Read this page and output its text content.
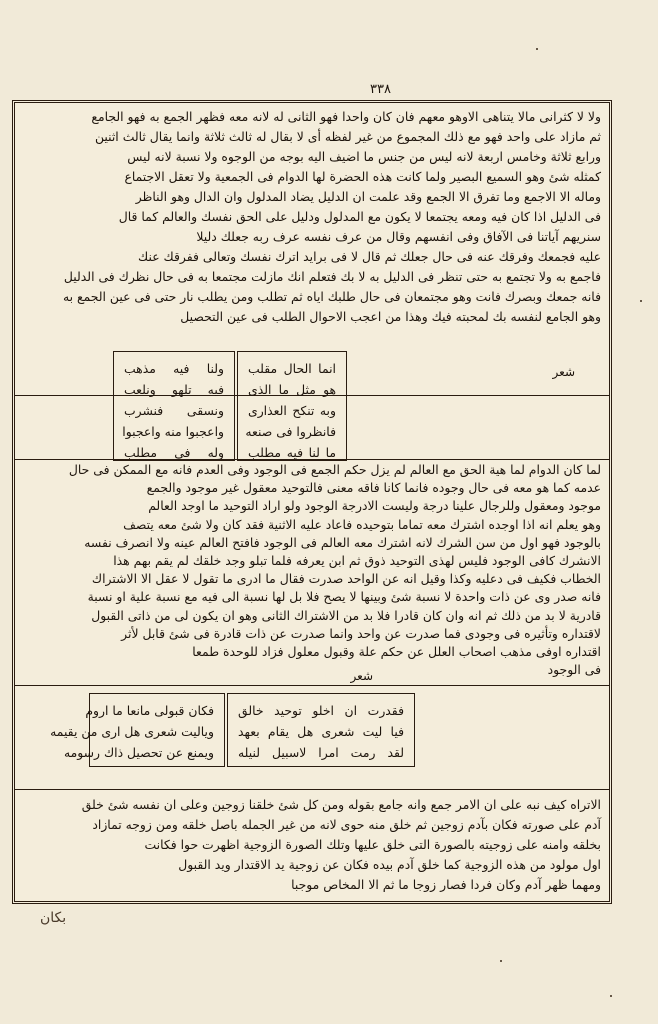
٣٣٨
ولا لا كثرانى مالا يتناهى الاوهو معهم فان كان واحدا فهو الثانى له لانه معه فظهر الجمع به فهو الجامع
ثم مازاد على واحد فهو مع ذلك المجموع من غير لفظه أى لا بقال له ثالث ثلاثة وانما يقال ثالث اثنين
ورابع ثلاثة وخامس اربعة لانه ليس من جنس ما اضيف اليه بوجه من الوجوه ولا نسبة لانه ليس
كمثله شئ وهو السميع البصير ولما كانت هذه الحضرة لها الدوام فى الجمعية ولا تعقل الاجتماع
وماله الا الاجمع وما تفرق الا الجمع وقد علمت ان الدليل يضاد المدلول وان الدال وهو الناظر
فى الدليل اذا كان فيه ومعه يجتمعا لا يكون مع المدلول ودليل على الحق نفسك والعالم كما قال
سنريهم آياتنا فى الآفاق وفى انفسهم وقال من عرف نفسه عرف ربه جعلك دليلا
عليه فجمعك وفرقك عنه فى حال جعلك ثم قال لا فى برايد اترك نفسك وتعالى ففرقك عنك
فاجمع به ولا تجتمع به حتى تنظر فى الدليل به لا بك فتعلم انك مازلت مجتمعا به فى حال نظرك فى الدليل
فانه جمعك وبصرك فانت وهو مجتمعان فى حال طلبك اياه ثم تطلب ومن يطلب نار حتى فى عين الجمع به
وهو الجامع لنفسه بك لمحبته فيك وهذا من اعجب الاحوال الطلب فى عين التحصيل
شعر
انما الحال مقلب
هو مثل ما الذى
وبه تنكح العذارى
فانظروا فى صنعه
ما لنا فيه مطلب
ولنا فيه مذهب
فيه تلهو ونلعب
ونسقى فنشرب
واعجبوا منه واعجبوا
وله فى مطلب
لما كان الدوام لما هية الحق مع العالم لم يزل حكم الجمع فى الوجود وفى العدم فانه مع الممكن فى حال
عدمه كما هو معه فى حال وجوده فانما كانا فاقه معنى فالتوحيد معقول غير موجود والجمع
موجود ومعقول وللرجال علينا درجة وليست الادرجة الوجود ولو اراد التوحيد ما اوجد العالم
وهو يعلم انه اذا اوجده اشترك معه تماما بتوحيده فاعاد عليه الاثنية فقد كان ولا شئ معه يتصف
بالوجود فهو اول من سن الشرك لانه اشترك معه العالم فى الوجود فافتح العالم عينه ولا انصرف نفسه
الانشرك كافى الوجود فليس لهذى التوحيد ذوق ثم ابن يعرفه فلما تبلو وجد خلقك لم يقم بهم هذا
الخطاب فكيف فى دعليه وكذا وقيل انه عن الواحد صدرت فقال ما ادرى ما تقول لا عقل الا الاشتراك
فانه صدر وى عن ذات واحدة لا نسبة شئ وبينها لا يصح فلا بل لها نسبة الى فيه مع نسبة علية او نسبة
قادرية لا بد من ذلك ثم انه وان كان قادرا فلا بد من الاشتراك الثانى وهو ان يكون لى من ذاتى القبول
لاقتداره وتأثيره فى وجودى فما صدرت عن واحد وانما صدرت عن ذات قادرة فى شئ قابل لأثر
اقتداره اوفى مذهب اصحاب العلل عن حكم علة وقبول معلول فزاد للوحدة طمعا
فى الوجود
شعر
فقدرت ان اخلو توحيد خالق
فيا ليت شعرى هل يقام بعهد
لقد رمت امرا لاسبيل لنيله
فكان قبولى مانعا ما اروم
وياليت شعرى هل ارى من يقيمه
ويمنع عن تحصيل ذاك رسومه
الاتراه كيف نبه على ان الامر جمع وانه جامع بقوله ومن كل شئ خلقنا زوجين وعلى ان نفسه شئ خلق
آدم على صورته فكان بآدم زوجين ثم خلق منه حوى لانه من غير الجمله باصل خلقه ومن زوجه تمازاد
بخلقه وامنه على زوجيته بالصورة التى خلق عليها وتلك الصورة الزوجية اظهرت حوا فكانت
اول مولود من هذه الزوجية كما خلق آدم بيده فكان عن زوجية يد الاقتدار ويد القبول
ومهما ظهر آدم وكان فردا فصار زوجا ما ثم الا المخاص موجبا
بكان
